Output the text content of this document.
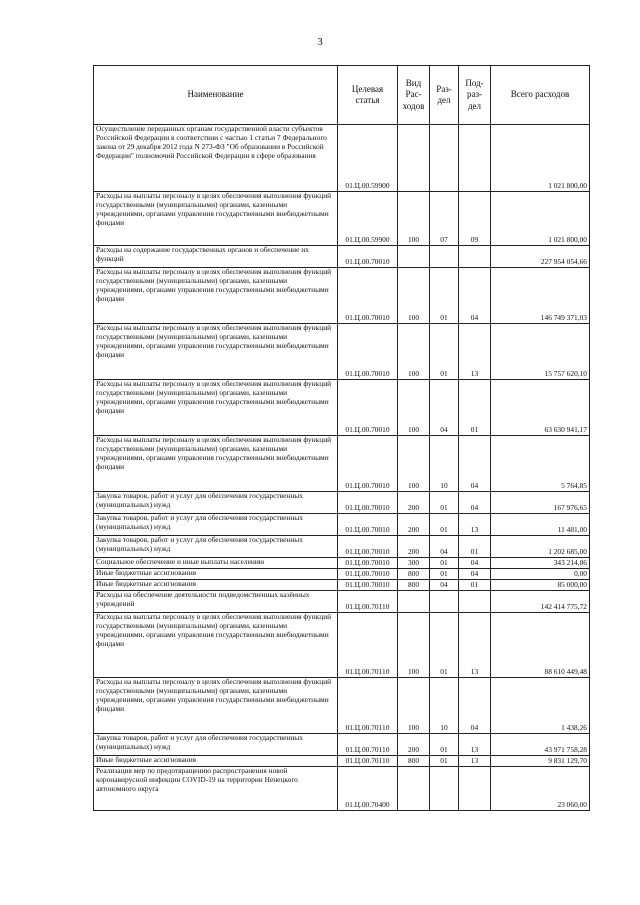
3
Наименование	Целевая статья	Вид Рас-ходов	Раз-дел	Под-раз-дел	Всего расходов
Осуществление переданных органам государственной власти субъектов Российской Федерации в соответствии с частью 1 статьи 7 Федерального закона от 29 декабря 2012 года N 273-ФЗ "Об образовании в Российской Федерации" полномочий Российской Федерации в сфере образования	01.Ц.00.59900				1 021 800,00
Расходы на выплаты персоналу в целях обеспечения выполнения функций государственными (муниципальными) органами, казенными учреждениями, органами управления государственными внебюджетными фондами	01.Ц.00.59900	100	07	09	1 021 800,00
Расходы на содержание государственных органов и обеспечение их функций	01.Ц.00.70010				227 954 054,66
Расходы на выплаты персоналу в целях обеспечения выполнения функций государственными (муниципальными) органами, казенными учреждениями, органами управления государственными внебюджетными фондами	01.Ц.00.70010	100	01	04	146 749 371,03
Расходы на выплаты персоналу в целях обеспечения выполнения функций государственными (муниципальными) органами, казенными учреждениями, органами управления государственными внебюджетными фондами	01.Ц.00.70010	100	01	13	15 757 620,10
Расходы на выплаты персоналу в целях обеспечения выполнения функций государственными (муниципальными) органами, казенными учреждениями, органами управления государственными внебюджетными фондами	01.Ц.00.70010	100	04	01	63 630 941,17
Расходы на выплаты персоналу в целях обеспечения выполнения функций государственными (муниципальными) органами, казенными учреждениями, органами управления государственными внебюджетными фондами	01.Ц.00.70010	100	10	04	5 764,85
Закупка товаров, работ и услуг для обеспечения государственных (муниципальных) нужд	01.Ц.00.70010	200	01	04	167 976,65
Закупка товаров, работ и услуг для обеспечения государственных (муниципальных) нужд	01.Ц.00.70010	200	01	13	11 481,00
Закупка товаров, работ и услуг для обеспечения государственных (муниципальных) нужд	01.Ц.00.70010	200	04	01	1 202 685,00
Социальное обеспечение и иные выплаты населению	01.Ц.00.70010	300	01	04	343 214,86
Иные бюджетные ассигнования	01.Ц.00.70010	800	01	04	0,00
Иные бюджетные ассигнования	01.Ц.00.70010	800	04	01	85 000,00
Расходы на обеспечение деятельности подведомственных казённых учреждений	01.Ц.00.70110				142 414 775,72
Расходы на выплаты персоналу в целях обеспечения выполнения функций государственными (муниципальными) органами, казенными учреждениями, органами управления государственными внебюджетными фондами	01.Ц.00.70110	100	01	13	88 610 449,48
Расходы на выплаты персоналу в целях обеспечения выполнения функций государственными (муниципальными) органами, казенными учреждениями, органами управления государственными внебюджетными фондами	01.Ц.00.70110	100	10	04	1 438,26
Закупка товаров, работ и услуг для обеспечения государственных (муниципальных) нужд	01.Ц.00.70110	200	01	13	43 971 758,28
Иные бюджетные ассигнования	01.Ц.00.70110	800	01	13	9 831 129,70
Реализация мер по предотвращению распространения новой коронавирусной инфекции COVID-19 на территории Ненецкого автономного округа	01.Ц.00.70400				23 060,00
